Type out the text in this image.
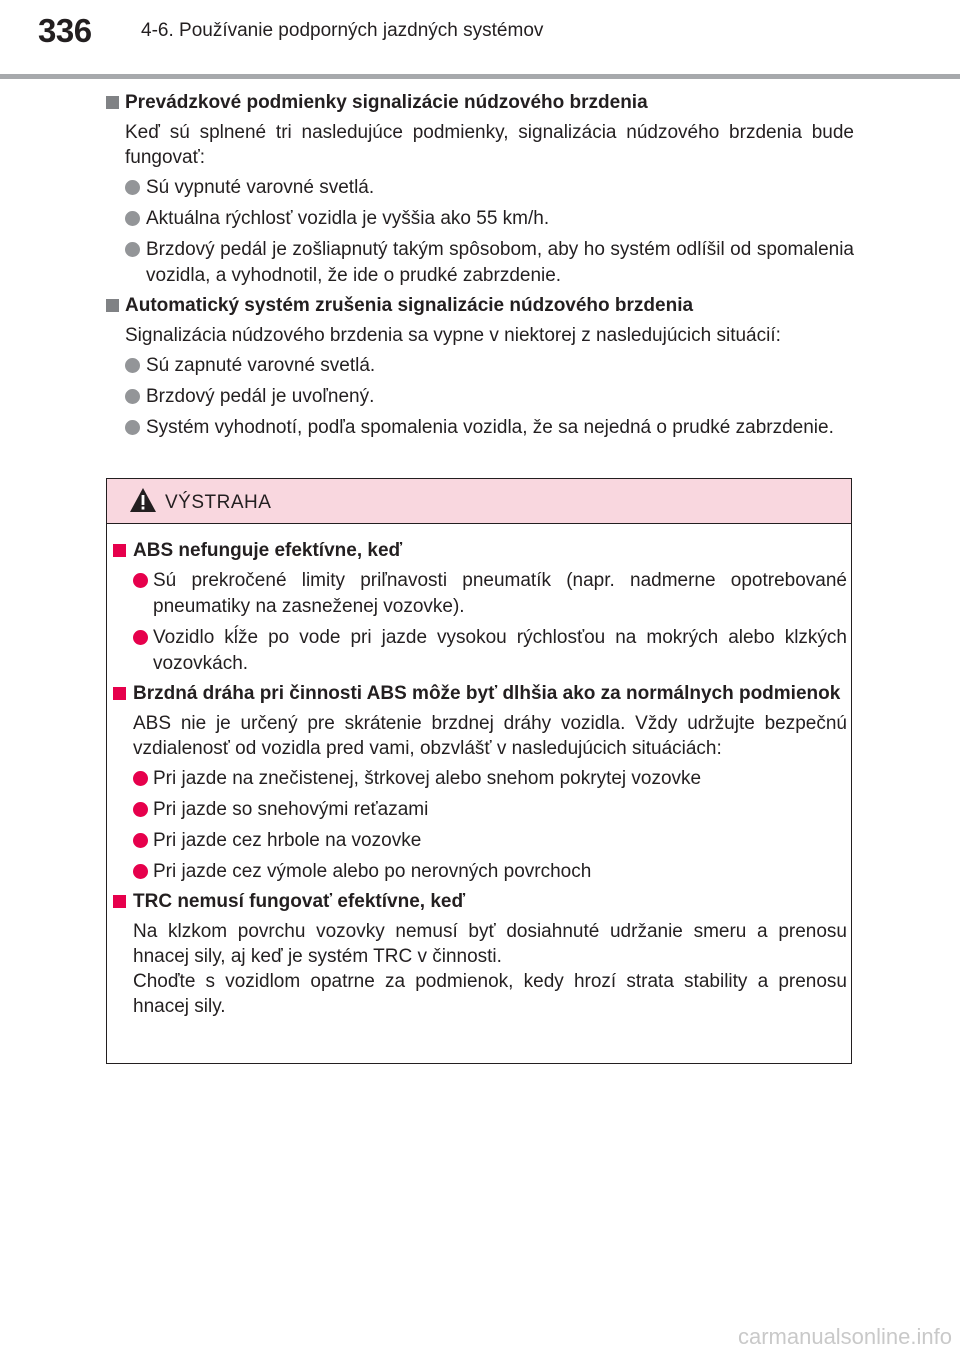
336	4-6. Používanie podporných jazdných systémov
Prevádzkové podmienky signalizácie núdzového brzdenia
Keď sú splnené tri nasledujúce podmienky, signalizácia núdzového brzdenia bude fungovať:
Sú vypnuté varovné svetlá.
Aktuálna rýchlosť vozidla je vyššia ako 55 km/h.
Brzdový pedál je zošliapnutý takým spôsobom, aby ho systém odlíšil od spomalenia vozidla, a vyhodnotil, že ide o prudké zabrzdenie.
Automatický systém zrušenia signalizácie núdzového brzdenia
Signalizácia núdzového brzdenia sa vypne v niektorej z nasledujúcich situácií:
Sú zapnuté varovné svetlá.
Brzdový pedál je uvoľnený.
Systém vyhodnotí, podľa spomalenia vozidla, že sa nejedná o prudké zabrzdenie.
VÝSTRAHA
ABS nefunguje efektívne, keď
Sú prekročené limity priľnavosti pneumatík (napr. nadmerne opotrebované pneumatiky na zasneženej vozovke).
Vozidlo kĺže po vode pri jazde vysokou rýchlosťou na mokrých alebo klzkých vozovkách.
Brzdná dráha pri činnosti ABS môže byť dlhšia ako za normálnych podmienok
ABS nie je určený pre skrátenie brzdnej dráhy vozidla. Vždy udržujte bezpečnú vzdialenosť od vozidla pred vami, obzvlášť v nasledujúcich situáciách:
Pri jazde na znečistenej, štrkovej alebo snehom pokrytej vozovke
Pri jazde so snehovými reťazami
Pri jazde cez hrbole na vozovke
Pri jazde cez výmole alebo po nerovných povrchoch
TRC nemusí fungovať efektívne, keď
Na klzkom povrchu vozovky nemusí byť dosiahnuté udržanie smeru a prenosu hnacej sily, aj keď je systém TRC v činnosti.
Choďte s vozidlom opatrne za podmienok, kedy hrozí strata stability a prenosu hnacej sily.
carmanualsonline.info
